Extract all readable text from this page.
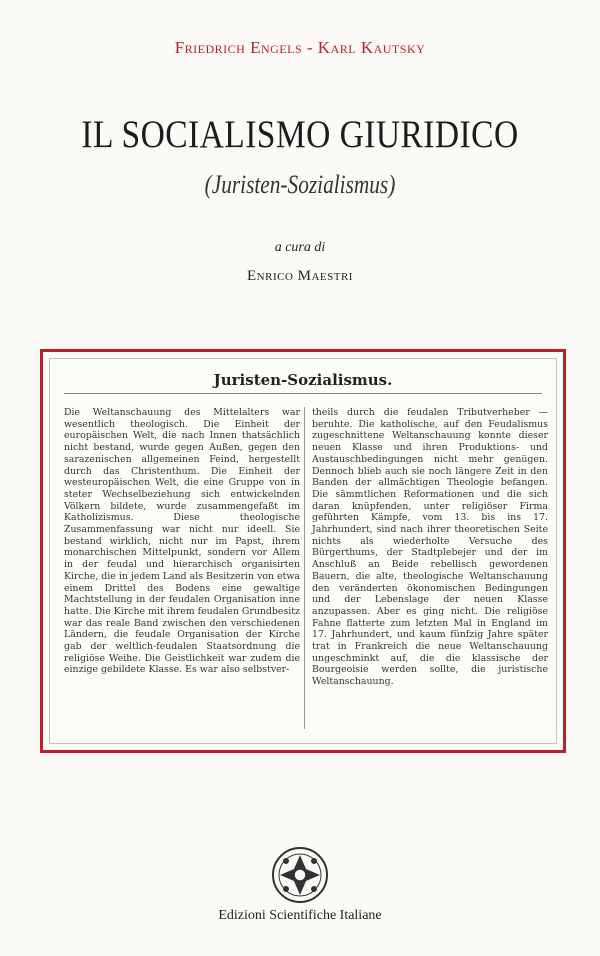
Friedrich Engels - Karl Kautsky
IL SOCIALISMO GIURIDICO
(Juristen-Sozialismus)
a cura di
Enrico Maestri
Juristen-Sozialismus.
Die Weltanschauung des Mittelalters war wesentlich theologisch. Die Einheit der europäischen Welt, die nach Innen thatsächlich nicht bestand, wurde gegen Außen, gegen den sarazenischen allgemeinen Feind, hergestellt durch das Christenthum. Die Einheit der westeuropäischen Welt, die eine Gruppe von in steter Wechselbeziehung sich entwickelnden Völkern bildete, wurde zusammengefaßt im Katholizismus. Diese theologische Zusammenfassung war nicht nur ideell. Sie bestand wirklich, nicht nur im Papst, ihrem monarchischen Mittelpunkt, sondern vor Allem in der feudal und hierarchisch organisirten Kirche, die in jedem Land als Besitzerin von etwa einem Drittel des Bodens eine gewaltige Machtstellung in der feudalen Organisation inne hatte. Die Kirche mit ihrem feudalen Grundbesitz war das reale Band zwischen den verschiedenen Ländern, die feudale Organisation der Kirche gab der weltlich-feudalen Staatsordnung die religiöse Weihe. Die Geistlichkeit war zudem die einzige gebildete Klasse. Es war also selbstver-
theils durch die feudalen Tributverheber — beruhte. Die katholische, auf den Feudalismus zugeschnittene Weltanschauung konnte dieser neuen Klasse und ihren Produktions- und Austauschbedingungen nicht mehr genügen. Dennoch blieb auch sie noch längere Zeit in den Banden der allmächtigen Theologie befangen. Die sämmtlichen Reformationen und die sich daran knüpfenden, unter religiöser Firma geführten Kämpfe, vom 13. bis ins 17. Jahrhundert, sind nach ihrer theoretischen Seite nichts als wiederholte Versuche des Bürgerthums, der Stadtplebejer und der im Anschluß an Beide rebellisch gewordenen Bauern, die alte, theologische Weltanschauung den veränderten ökonomischen Bedingungen und der Lebenslage der neuen Klasse anzupassen. Aber es ging nicht. Die religiöse Fahne flatterte zum letzten Mal in England im 17. Jahrhundert, und kaum fünfzig Jahre später trat in Frankreich die neue Weltanschauung ungeschminkt auf, die die klassische der Bourgeoisie werden sollte, die juristische Weltanschauung.
Edizioni Scientifiche Italiane
